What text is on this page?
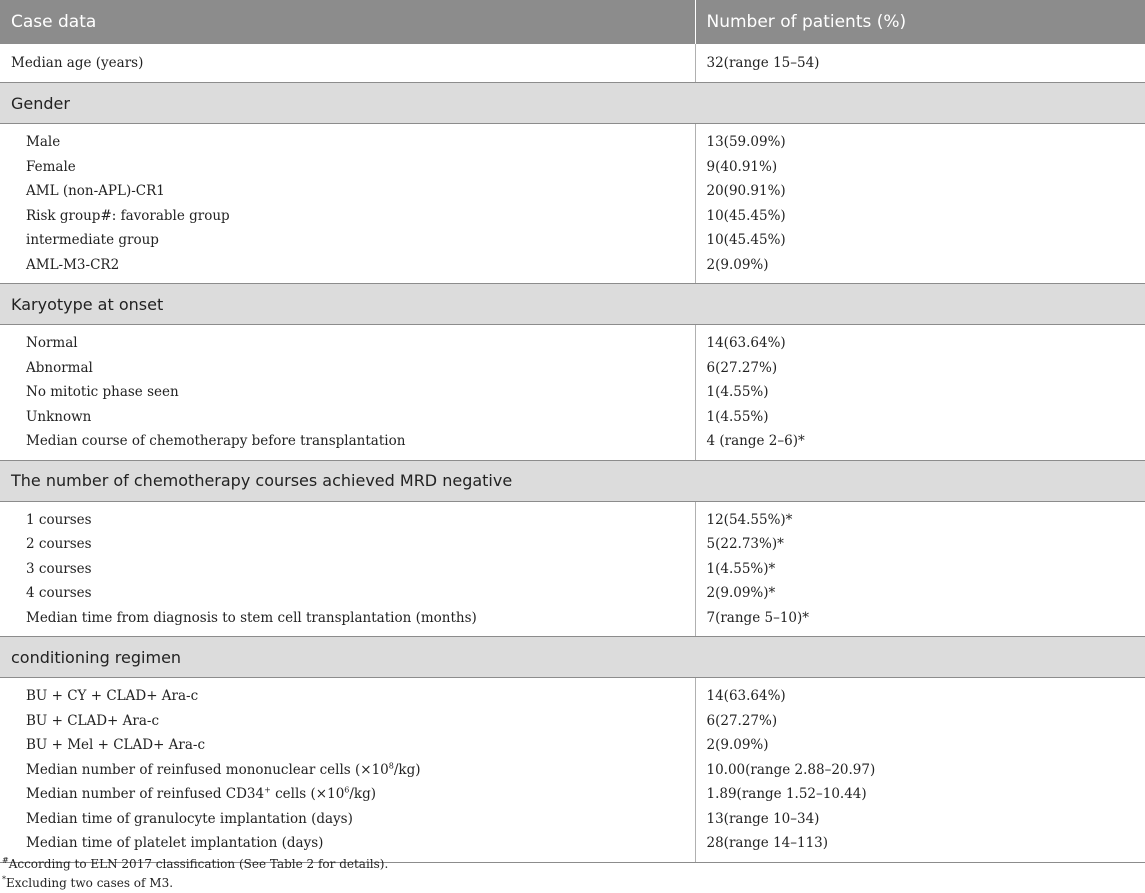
Case data	Number of patients (%)
Median age (years)	32(range 15–54)
Gender	
Male	13(59.09%)
Female	9(40.91%)
AML (non-APL)-CR1	20(90.91%)
Risk group#: favorable group	10(45.45%)
intermediate group	10(45.45%)
AML-M3-CR2	2(9.09%)
Karyotype at onset	
Normal	14(63.64%)
Abnormal	6(27.27%)
No mitotic phase seen	1(4.55%)
Unknown	1(4.55%)
Median course of chemotherapy before transplantation	4 (range 2–6)*
The number of chemotherapy courses achieved MRD negative	
1 courses	12(54.55%)*
2 courses	5(22.73%)*
3 courses	1(4.55%)*
4 courses	2(9.09%)*
Median time from diagnosis to stem cell transplantation (months)	7(range 5–10)*
conditioning regimen	
BU + CY + CLAD+ Ara-c	14(63.64%)
BU + CLAD+ Ara-c	6(27.27%)
BU + Mel + CLAD+ Ara-c	2(9.09%)
Median number of reinfused mononuclear cells $(\times 10^8/kg)$	10.00(range 2.88–20.97)
Median number of reinfused CD34+ cells $(\times 10^6/kg)$	1.89(range 1.52–10.44)
Median time of granulocyte implantation (days)	13(range 10–34)
Median time of platelet implantation (days)	28(range 14–113)
#According to ELN 2017 classification (See Table 2 for details).
*Excluding two cases of M3.
